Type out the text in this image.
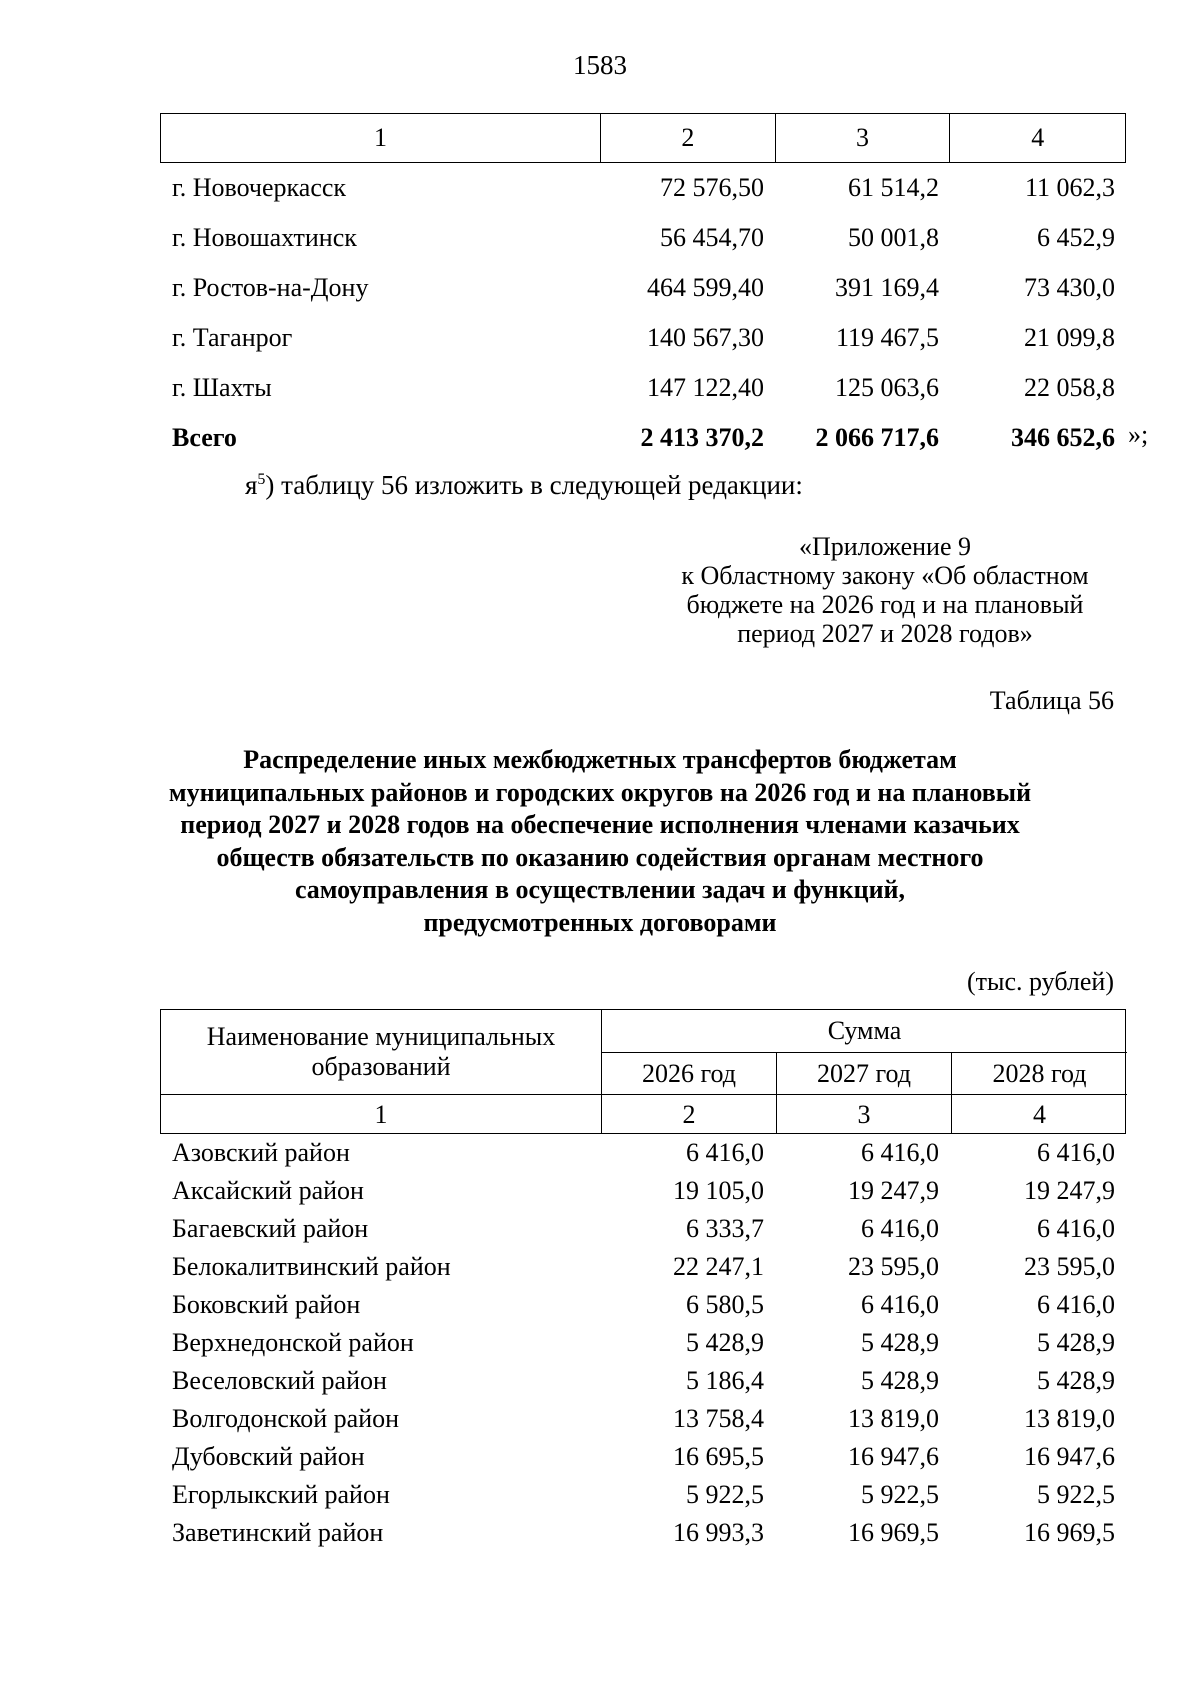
1583
1	2	3	4
г. Новочеркасск	72 576,50	61 514,2	11 062,3
г. Новошахтинск	56 454,70	50 001,8	6 452,9
г. Ростов-на-Дону	464 599,40	391 169,4	73 430,0
г. Таганрог	140 567,30	119 467,5	21 099,8
г. Шахты	147 122,40	125 063,6	22 058,8
Всего	2 413 370,2	2 066 717,6	346 652,6 »;
$я^5$) таблицу 56 изложить в следующей редакции:
«Приложение 9
к Областному закону «Об областном
бюджете на 2026 год и на плановый
период 2027 и 2028 годов»
Таблица 56
Распределение иных межбюджетных трансфертов бюджетам
муниципальных районов и городских округов на 2026 год и на плановый
период 2027 и 2028 годов на обеспечение исполнения членами казачьих
обществ обязательств по оказанию содействия органам местного
самоуправления в осуществлении задач и функций,
предусмотренных договорами
(тыс. рублей)
Наименование муниципальных
образований
Сумма
2026 год	2027 год	2028 год
1	2	3	4
Азовский район	6 416,0	6 416,0	6 416,0
Аксайский район	19 105,0	19 247,9	19 247,9
Багаевский район	6 333,7	6 416,0	6 416,0
Белокалитвинский район	22 247,1	23 595,0	23 595,0
Боковский район	6 580,5	6 416,0	6 416,0
Верхнедонской район	5 428,9	5 428,9	5 428,9
Веселовский район	5 186,4	5 428,9	5 428,9
Волгодонской район	13 758,4	13 819,0	13 819,0
Дубовский район	16 695,5	16 947,6	16 947,6
Егорлыкский район	5 922,5	5 922,5	5 922,5
Заветинский район	16 993,3	16 969,5	16 969,5
